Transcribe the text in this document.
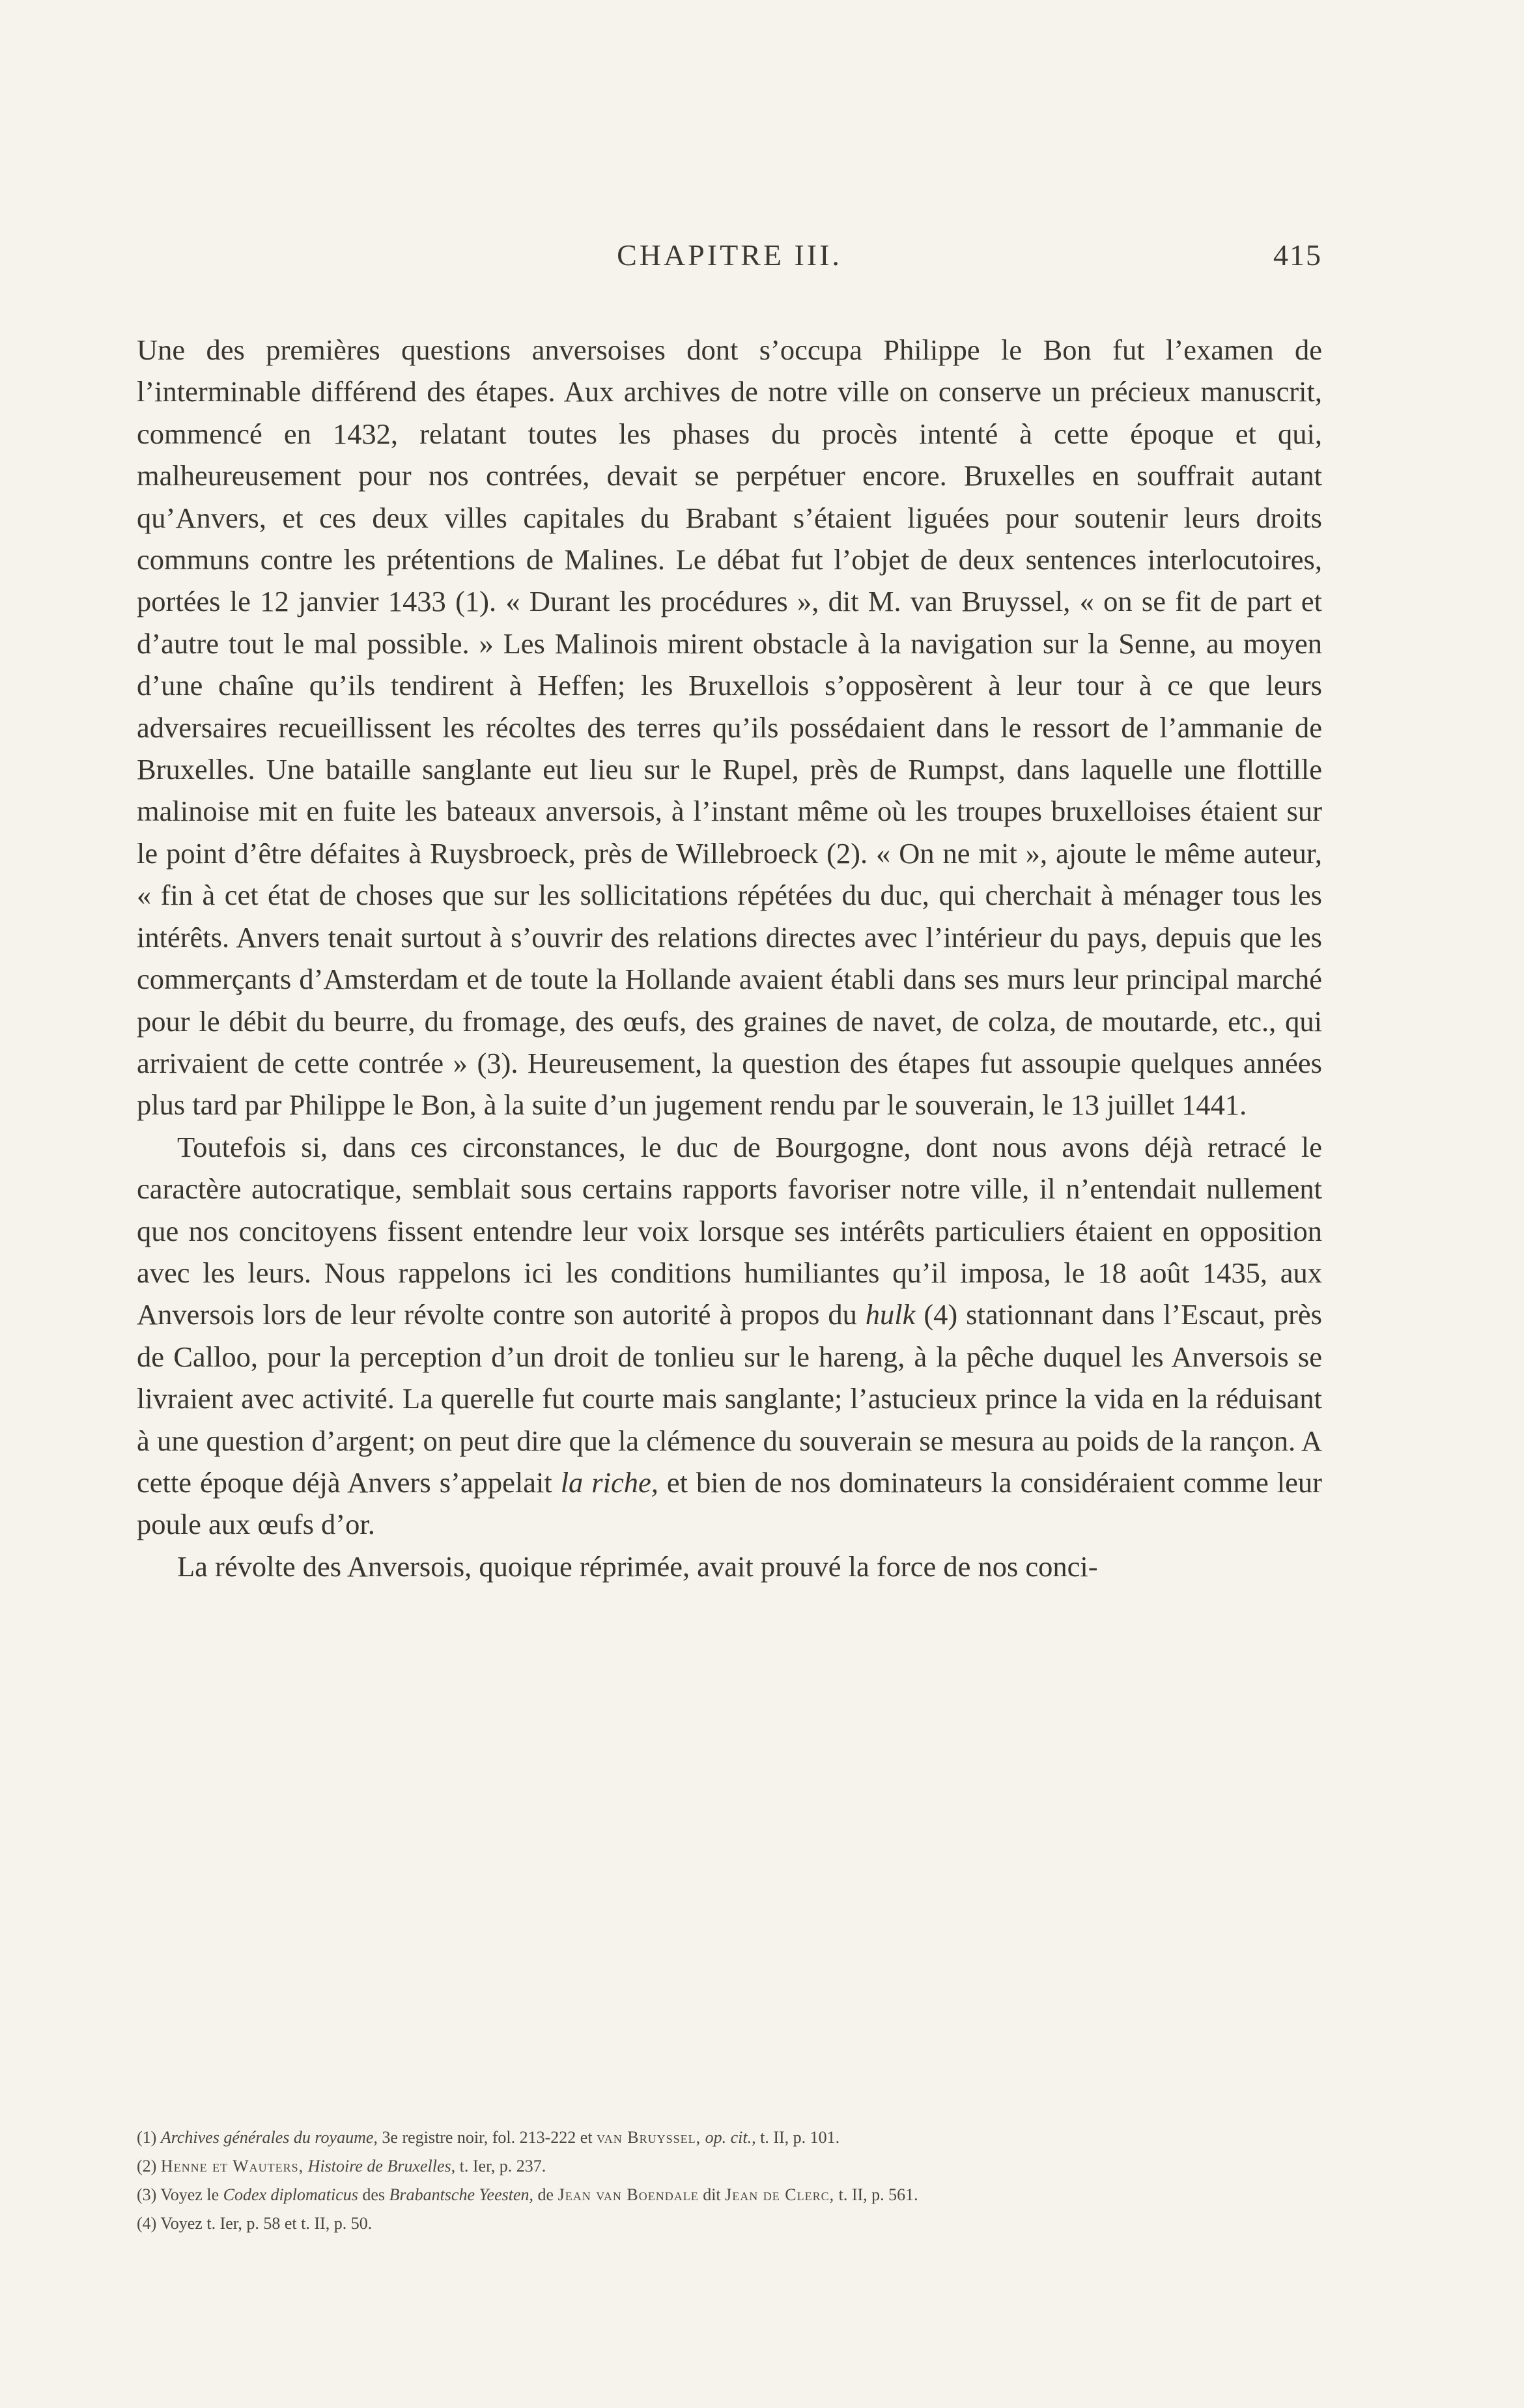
CHAPITRE III.	415

Une des premières questions anversoises dont s’occupa Philippe le Bon fut l’examen de l’interminable différend des étapes. Aux archives de notre ville on conserve un précieux manuscrit, commencé en 1432, relatant toutes les phases du procès intenté à cette époque et qui, malheureusement pour nos contrées, devait se perpétuer encore. Bruxelles en souffrait autant qu’Anvers, et ces deux villes capitales du Brabant s’étaient liguées pour soutenir leurs droits communs contre les prétentions de Malines. Le débat fut l’objet de deux sentences interlocutoires, portées le 12 janvier 1433 (1). « Durant les procédures », dit M. van Bruyssel, « on se fit de part et d’autre tout le mal possible. » Les Malinois mirent obstacle à la navigation sur la Senne, au moyen d’une chaîne qu’ils tendirent à Heffen; les Bruxellois s’opposèrent à leur tour à ce que leurs adversaires recueillissent les récoltes des terres qu’ils possédaient dans le ressort de l’ammanie de Bruxelles. Une bataille sanglante eut lieu sur le Rupel, près de Rumpst, dans laquelle une flottille malinoise mit en fuite les bateaux anversois, à l’instant même où les troupes bruxelloises étaient sur le point d’être défaites à Ruysbroeck, près de Willebroeck (2). « On ne mit », ajoute le même auteur, « fin à cet état de choses que sur les sollicitations répétées du duc, qui cherchait à ménager tous les intérêts. Anvers tenait surtout à s’ouvrir des relations directes avec l’intérieur du pays, depuis que les commerçants d’Amsterdam et de toute la Hollande avaient établi dans ses murs leur principal marché pour le débit du beurre, du fromage, des œufs, des graines de navet, de colza, de moutarde, etc., qui arrivaient de cette contrée » (3). Heureusement, la question des étapes fut assoupie quelques années plus tard par Philippe le Bon, à la suite d’un jugement rendu par le souverain, le 13 juillet 1441.

Toutefois si, dans ces circonstances, le duc de Bourgogne, dont nous avons déjà retracé le caractère autocratique, semblait sous certains rapports favoriser notre ville, il n’entendait nullement que nos concitoyens fissent entendre leur voix lorsque ses intérêts particuliers étaient en opposition avec les leurs. Nous rappelons ici les conditions humiliantes qu’il imposa, le 18 août 1435, aux Anversois lors de leur révolte contre son autorité à propos du hulk (4) stationnant dans l’Escaut, près de Calloo, pour la perception d’un droit de tonlieu sur le hareng, à la pêche duquel les Anversois se livraient avec activité. La querelle fut courte mais sanglante; l’astucieux prince la vida en la réduisant à une question d’argent; on peut dire que la clémence du souverain se mesura au poids de la rançon. A cette époque déjà Anvers s’appelait la riche, et bien de nos dominateurs la considéraient comme leur poule aux œufs d’or.

La révolte des Anversois, quoique réprimée, avait prouvé la force de nos conci-

(1) Archives générales du royaume, 3e registre noir, fol. 213-222 et van Bruyssel, op. cit., t. II, p. 101.

(2) Henne et Wauters, Histoire de Bruxelles, t. Ier, p. 237.

(3) Voyez le Codex diplomaticus des Brabantsche Yeesten, de Jean van Boendale dit Jean de Clerc, t. II, p. 561.

(4) Voyez t. Ier, p. 58 et t. II, p. 50.
